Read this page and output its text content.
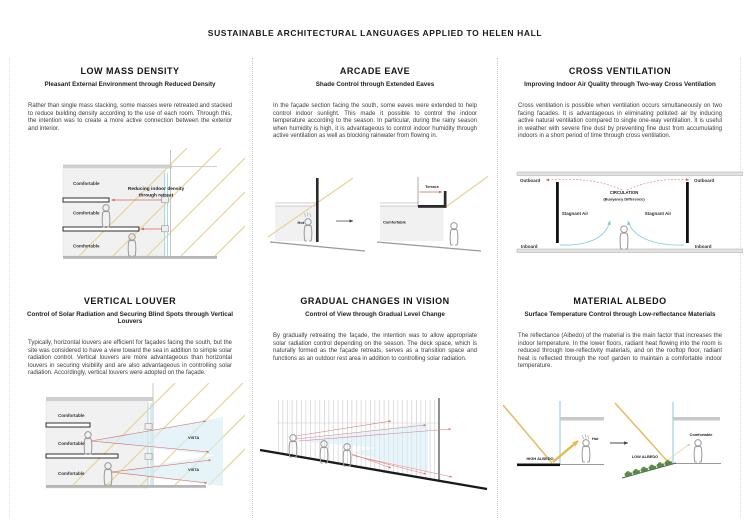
SUSTAINABLE ARCHITECTURAL LANGUAGES APPLIED TO HELEN HALL
LOW MASS DENSITY
Pleasant External Environment through Reduced Density
Rather than single mass stacking, some masses were retreated and stacked to reduce building density according to the use of each room. Through this, the intention was to create a more active connection between the exterior and interior.
ARCADE EAVE
Shade Control through Extended Eaves
In the façade section facing the south, some eaves were extended to help control indoor sunlight. This made it possible to control the indoor temperature according to the season. In particular, during the rainy season when humidity is high, it is advantageous to control indoor humidity through active ventilation as well as blocking rainwater from flowing in.
CROSS VENTILATION
Improving Indoor Air Quality through Two-way Cross Ventilation
Cross ventilation is possible when ventilation occurs simultaneously on two facing facades. It is advantageous in eliminating polluted air by inducing active natural ventilation compared to single one-way ventilation. It is useful in weather with severe fine dust by preventing fine dust from accumulating indoors in a short period of time through cross ventilation.
VERTICAL LOUVER
Control of Solar Radiation and Securing Blind Spots through Vertical Louvers
Typically, horizontal louvers are efficient for façades facing the south, but the site was considered to have a view toward the sea in addition to simple solar radiation control. Vertical louvers are more advantageous than horizontal louvers in securing visibility and are also advantageous in controlling solar radiation. Accordingly, vertical louvers were adopted on the façade.
GRADUAL CHANGES IN VISION
Control of View through Gradual Level Change
By gradually retreating the façade, the intention was to allow appropriate solar radiation control depending on the season. The deck space, which is naturally formed as the façade retreats, serves as a transition space and functions as an outdoor rest area in addition to controlling solar radiation.
MATERIAL ALBEDO
Surface Temperature Control through Low-reflectance Materials
The reflectance (Albedo) of the material is the main factor that increases the indoor temperature. In the lower floors, radiant heat flowing into the room is reduced through low-reflectivity materials, and on the rooftop floor, radiant heat is reflected through the roof garden to maintain a comfortable indoor temperature.
Reducing indoor density
through retreat
Comfortable
Comfortable
Comfortable
Hot
Terrace
Comfortable
Outboard	Outboard
Inboard	Inboard
CIRCULATION
(Buoyancy Difference)
Stagnant Air	Stagnant Air
Comfortable
Comfortable
Comfortable
VISTA
VISTA
Hot
HIGH ALBEDO	LOW ALBEDO
Comfortable
